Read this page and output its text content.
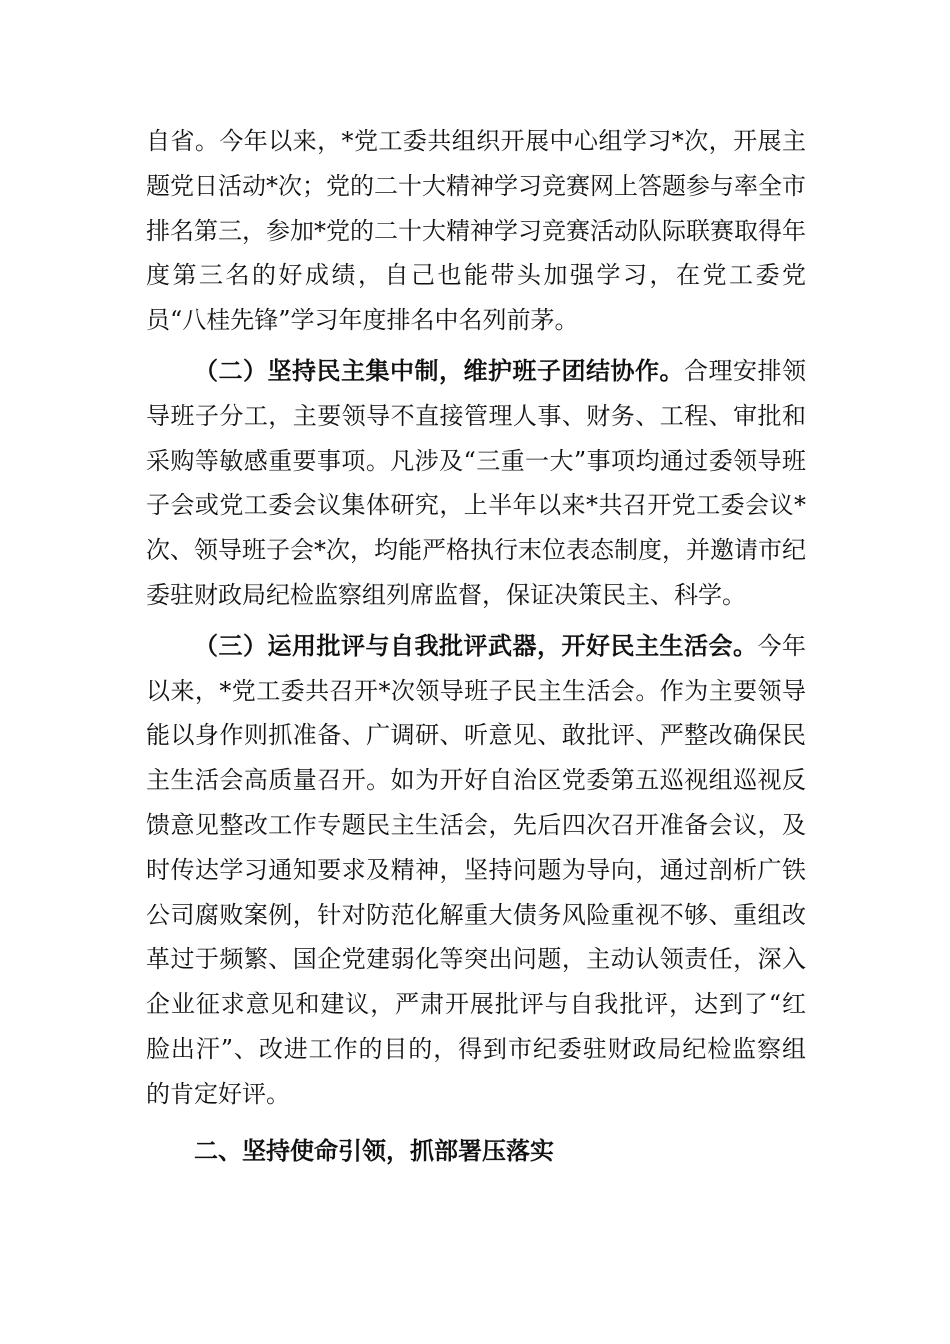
自省。今年以来，*党工委共组织开展中心组学习*次，开展主题党日活动*次；党的二十大精神学习竞赛网上答题参与率全市排名第三，参加*党的二十大精神学习竞赛活动队际联赛取得年度第三名的好成绩，自己也能带头加强学习，在党工委党员“八桂先锋”学习年度排名中名列前茅。

（二）坚持民主集中制，维护班子团结协作。合理安排领导班子分工，主要领导不直接管理人事、财务、工程、审批和采购等敏感重要事项。凡涉及“三重一大”事项均通过委领导班子会或党工委会议集体研究，上半年以来*共召开党工委会议*次、领导班子会*次，均能严格执行末位表态制度，并邀请市纪委驻财政局纪检监察组列席监督，保证决策民主、科学。

（三）运用批评与自我批评武器，开好民主生活会。今年以来，*党工委共召开*次领导班子民主生活会。作为主要领导能以身作则抓准备、广调研、听意见、敢批评、严整改确保民主生活会高质量召开。如为开好自治区党委第五巡视组巡视反馈意见整改工作专题民主生活会，先后四次召开准备会议，及时传达学习通知要求及精神，坚持问题为导向，通过剖析广铁公司腐败案例，针对防范化解重大债务风险重视不够、重组改革过于频繁、国企党建弱化等突出问题，主动认领责任，深入企业征求意见和建议，严肃开展批评与自我批评，达到了“红脸出汗”、改进工作的目的，得到市纪委驻财政局纪检监察组的肯定好评。

二、坚持使命引领，抓部署压落实
